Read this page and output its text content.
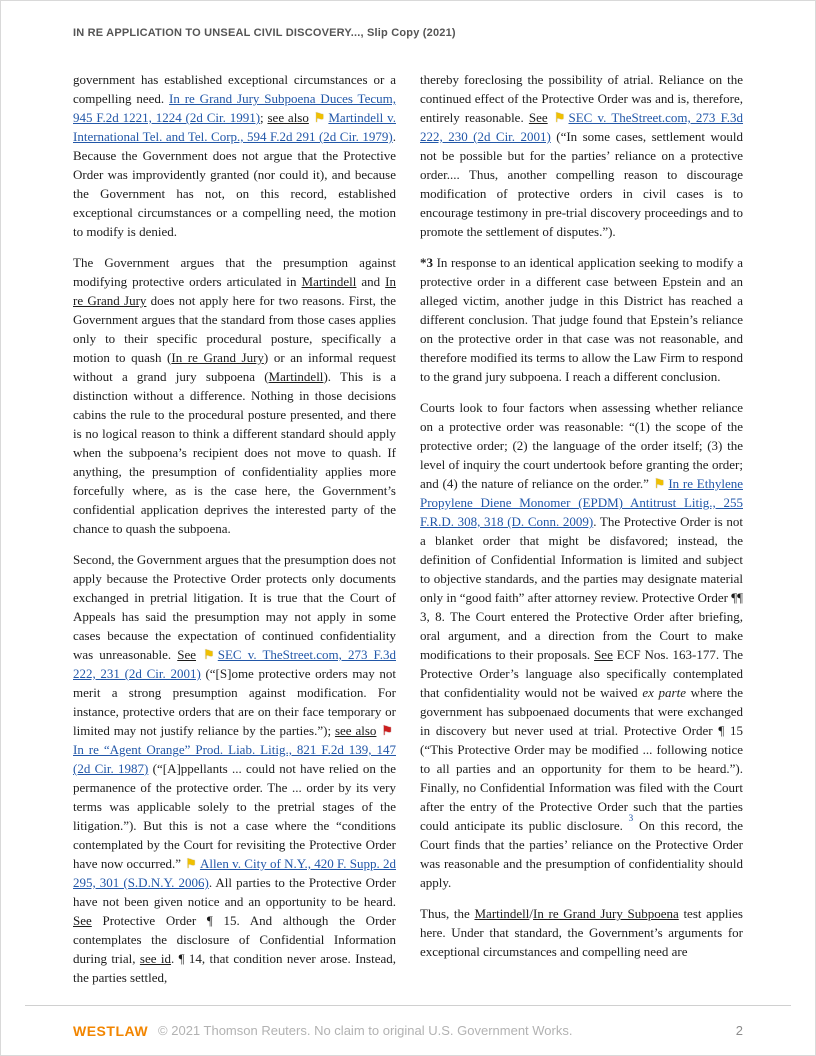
IN RE APPLICATION TO UNSEAL CIVIL DISCOVERY..., Slip Copy (2021)

government has established exceptional circumstances or a compelling need. In re Grand Jury Subpoena Duces Tecum, 945 F.2d 1221, 1224 (2d Cir. 1991); see also ⚑ Martindell v. International Tel. and Tel. Corp., 594 F.2d 291 (2d Cir. 1979). Because the Government does not argue that the Protective Order was improvidently granted (nor could it), and because the Government has not, on this record, established exceptional circumstances or a compelling need, the motion to modify is denied.

The Government argues that the presumption against modifying protective orders articulated in Martindell and In re Grand Jury does not apply here for two reasons. First, the Government argues that the standard from those cases applies only to their specific procedural posture, specifically a motion to quash (In re Grand Jury) or an informal request without a grand jury subpoena (Martindell). This is a distinction without a difference. Nothing in those decisions cabins the rule to the procedural posture presented, and there is no logical reason to think a different standard should apply when the subpoena’s recipient does not move to quash. If anything, the presumption of confidentiality applies more forcefully where, as is the case here, the Government’s confidential application deprives the interested party of the chance to quash the subpoena.

Second, the Government argues that the presumption does not apply because the Protective Order protects only documents exchanged in pretrial litigation. It is true that the Court of Appeals has said the presumption may not apply in some cases because the expectation of continued confidentiality was unreasonable. See ⚑ SEC v. TheStreet.com, 273 F.3d 222, 231 (2d Cir. 2001) (“[S]ome protective orders may not merit a strong presumption against modification. For instance, protective orders that are on their face temporary or limited may not justify reliance by the parties.”); see also ⚑In re “Agent Orange” Prod. Liab. Litig., 821 F.2d 139, 147 (2d Cir. 1987) (“[A]ppellants ... could not have relied on the permanence of the protective order. The ... order by its very terms was applicable solely to the pretrial stages of the litigation.”). But this is not a case where the “conditions contemplated by the Court for revisiting the Protective Order have now occurred.” ⚑ Allen v. City of N.Y., 420 F. Supp. 2d 295, 301 (S.D.N.Y. 2006). All parties to the Protective Order have not been given notice and an opportunity to be heard. See Protective Order ¶ 15. And although the Order contemplates the disclosure of Confidential Information during trial, see id. ¶ 14, that condition never arose. Instead, the parties settled,

thereby foreclosing the possibility of atrial. Reliance on the continued effect of the Protective Order was and is, therefore, entirely reasonable. See ⚑ SEC v. TheStreet.com, 273 F.3d 222, 230 (2d Cir. 2001) (“In some cases, settlement would not be possible but for the parties’ reliance on a protective order.... Thus, another compelling reason to discourage modification of protective orders in civil cases is to encourage testimony in pre-trial discovery proceedings and to promote the settlement of disputes.”).

*3 In response to an identical application seeking to modify a protective order in a different case between Epstein and an alleged victim, another judge in this District has reached a different conclusion. That judge found that Epstein’s reliance on the protective order in that case was not reasonable, and therefore modified its terms to allow the Law Firm to respond to the grand jury subpoena. I reach a different conclusion.

Courts look to four factors when assessing whether reliance on a protective order was reasonable: “(1) the scope of the protective order; (2) the language of the order itself; (3) the level of inquiry the court undertook before granting the order; and (4) the nature of reliance on the order.” ⚑ In re Ethylene Propylene Diene Monomer (EPDM) Antitrust Litig., 255 F.R.D. 308, 318 (D. Conn. 2009). The Protective Order is not a blanket order that might be disfavored; instead, the definition of Confidential Information is limited and subject to objective standards, and the parties may designate material only in “good faith” after attorney review. Protective Order ¶¶ 3, 8. The Court entered the Protective Order after briefing, oral argument, and a direction from the Court to make modifications to their proposals. See ECF Nos. 163-177. The Protective Order’s language also specifically contemplated that confidentiality would not be waived ex parte where the government has subpoenaed documents that were exchanged in discovery but never used at trial. Protective Order ¶ 15 (“This Protective Order may be modified ... following notice to all parties and an opportunity for them to be heard.”). Finally, no Confidential Information was filed with the Court after the entry of the Protective Order such that the parties could anticipate its public disclosure. $^3$ On this record, the Court finds that the parties’ reliance on the Protective Order was reasonable and the presumption of confidentiality should apply.

Thus, the Martindell/In re Grand Jury Subpoena test applies here. Under that standard, the Government’s arguments for exceptional circumstances and compelling need are

WESTLAW © 2021 Thomson Reuters. No claim to original U.S. Government Works.	2
